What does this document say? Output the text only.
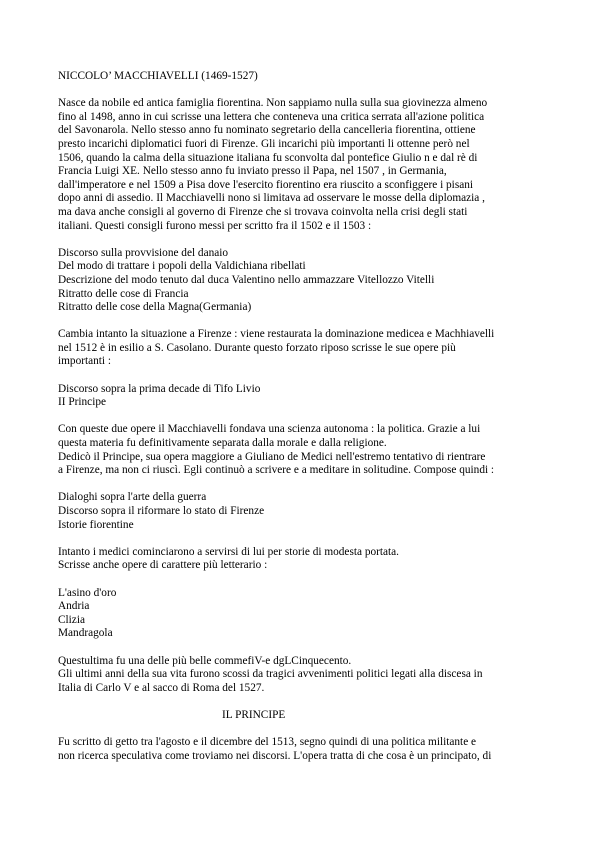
NICCOLO’ MACCHIAVELLI (1469-1527)
Nasce da nobile ed antica famiglia fiorentina. Non sappiamo nulla sulla sua giovinezza almeno
fino al 1498, anno in cui scrisse una lettera che conteneva una critica serrata all'azione politica
del Savonarola. Nello stesso anno fu nominato segretario della cancelleria fiorentina, ottiene
presto incarichi diplomatici fuori di Firenze. Gli incarichi più importanti li ottenne però nel
1506, quando la calma della situazione italiana fu sconvolta dal pontefice Giulio n e dal rè di
Francia Luigi XE. Nello stesso anno fu inviato presso il Papa, nel 1507 , in Germania,
dall'imperatore e nel 1509 a Pisa dove l'esercito fiorentino era riuscito a sconfiggere i pisani
dopo anni di assedio. Il Macchiavelli nono si limitava ad osservare le mosse della diplomazia ,
ma dava anche consigli al governo di Firenze che si trovava coinvolta nella crisi degli stati
italiani. Questi consigli furono messi per scritto fra il 1502 e il 1503 :
Discorso sulla provvisione del danaio
Del modo di trattare i popoli della Valdichiana ribellati
Descrizione del modo tenuto dal duca Valentino nello ammazzare Vitellozzo Vitelli
Ritratto delle cose di Francia
Ritratto delle cose della Magna(Germania)
Cambia intanto la situazione a Firenze : viene restaurata la dominazione medicea e Machhiavelli
nel 1512 è in esilio a S. Casolano. Durante questo forzato riposo scrisse le sue opere più
importanti :
Discorso sopra la prima decade di Tifo Livio
II Principe
Con queste due opere il Macchiavelli fondava una scienza autonoma : la politica. Grazie a lui
questa materia fu definitivamente separata dalla morale e dalla religione.
Dedicò il Principe, sua opera maggiore a Giuliano de Medici nell'estremo tentativo di rientrare
a Firenze, ma non ci riuscì. Egli continuò a scrivere e a meditare in solitudine. Compose quindi :
Dialoghi sopra l'arte della guerra
Discorso sopra il riformare lo stato di Firenze
Istorie fiorentine
Intanto i medici cominciarono a servirsi di lui per storie di modesta portata.
Scrisse anche opere di carattere più letterario :
L'asino d'oro
Andria
Clizia
Mandragola
Questultima fu una delle più belle commefiV-e dgLCinquecento.
Gli ultimi anni della sua vita furono scossi da tragici avvenimenti politici legati alla discesa in
Italia di Carlo V e al sacco di Roma del 1527.
IL PRINCIPE
Fu scritto di getto tra l'agosto e il dicembre del 1513, segno quindi di una politica militante e
non ricerca speculativa come troviamo nei discorsi. L'opera tratta di che cosa è un principato, di
